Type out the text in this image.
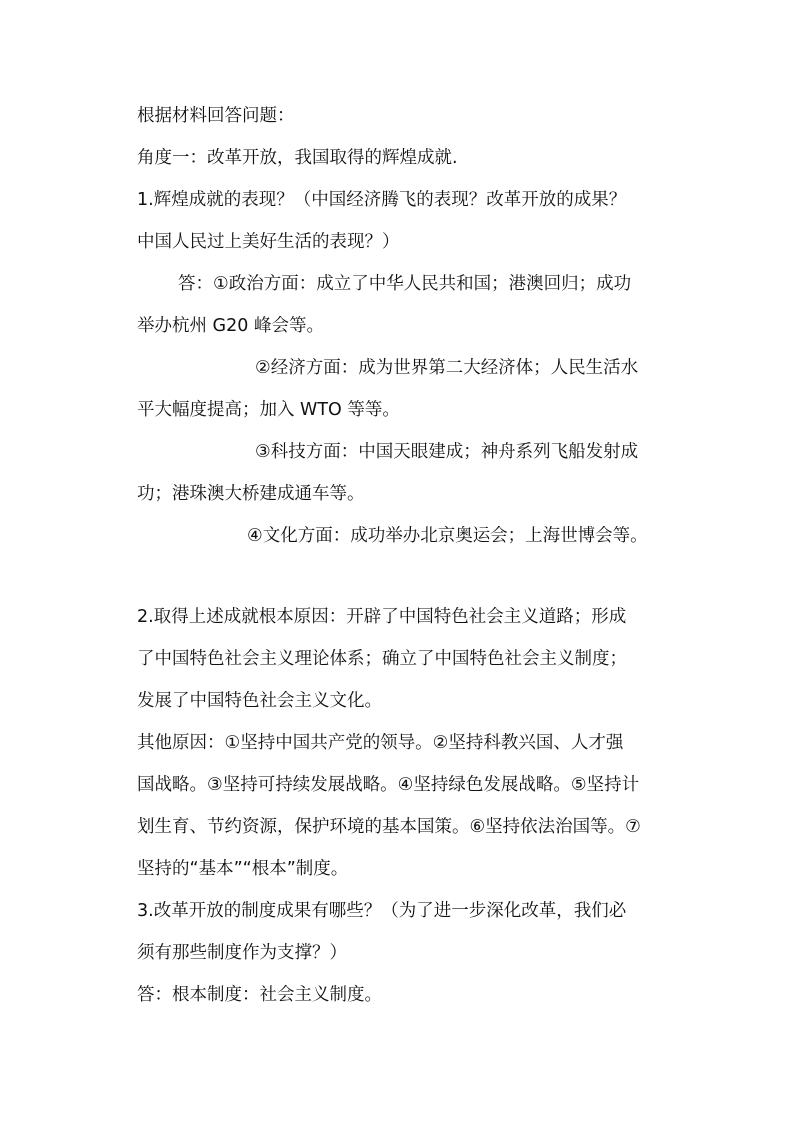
根据材料回答问题：

角度一：改革开放，我国取得的辉煌成就.

1.辉煌成就的表现？（中国经济腾飞的表现？改革开放的成果？

中国人民过上美好生活的表现？）

答：①政治方面：成立了中华人民共和国；港澳回归；成功

举办杭州 G20 峰会等。

②经济方面：成为世界第二大经济体；人民生活水

平大幅度提高；加入 WTO 等等。

③科技方面：中国天眼建成；神舟系列飞船发射成

功；港珠澳大桥建成通车等。

④文化方面：成功举办北京奥运会；上海世博会等。

2.取得上述成就根本原因：开辟了中国特色社会主义道路；形成

了中国特色社会主义理论体系；确立了中国特色社会主义制度；

发展了中国特色社会主义文化。

其他原因：①坚持中国共产党的领导。②坚持科教兴国、人才强

国战略。③坚持可持续发展战略。④坚持绿色发展战略。⑤坚持计

划生育、节约资源，保护环境的基本国策。⑥坚持依法治国等。⑦

坚持的“基本”“根本”制度。

3.改革开放的制度成果有哪些？（为了进一步深化改革，我们必

须有那些制度作为支撑？）

答：根本制度：社会主义制度。
